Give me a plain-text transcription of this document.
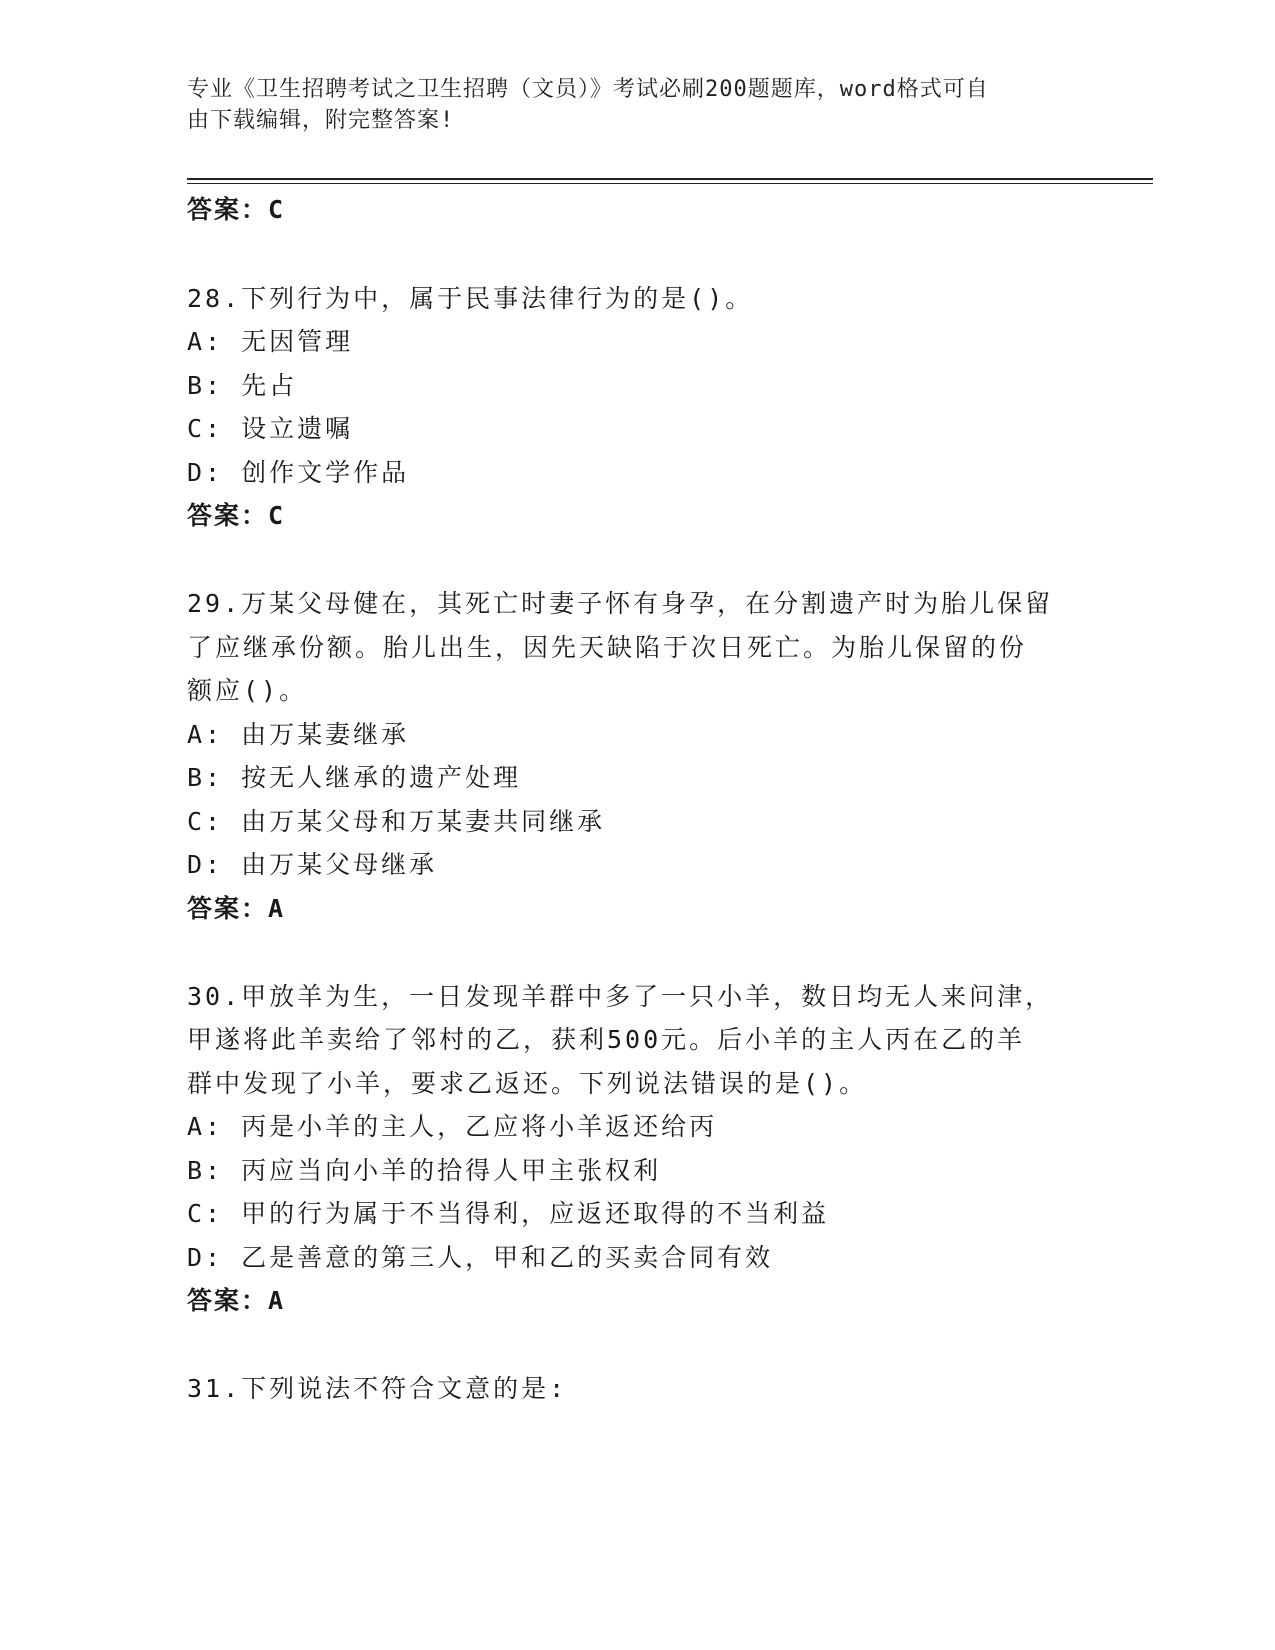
专业《卫生招聘考试之卫生招聘（文员）》考试必刷200题题库，word格式可自
由下载编辑，附完整答案!
答案：C
28.下列行为中，属于民事法律行为的是()。
A: 无因管理
B: 先占
C: 设立遗嘱
D: 创作文学作品
答案：C
29.万某父母健在，其死亡时妻子怀有身孕，在分割遗产时为胎儿保留
了应继承份额。胎儿出生，因先天缺陷于次日死亡。为胎儿保留的份
额应()。
A: 由万某妻继承
B: 按无人继承的遗产处理
C: 由万某父母和万某妻共同继承
D: 由万某父母继承
答案：A
30.甲放羊为生，一日发现羊群中多了一只小羊，数日均无人来问津，
甲遂将此羊卖给了邻村的乙，获利500元。后小羊的主人丙在乙的羊
群中发现了小羊，要求乙返还。下列说法错误的是()。
A: 丙是小羊的主人，乙应将小羊返还给丙
B: 丙应当向小羊的拾得人甲主张权利
C: 甲的行为属于不当得利，应返还取得的不当利益
D: 乙是善意的第三人，甲和乙的买卖合同有效
答案：A
31.下列说法不符合文意的是:
